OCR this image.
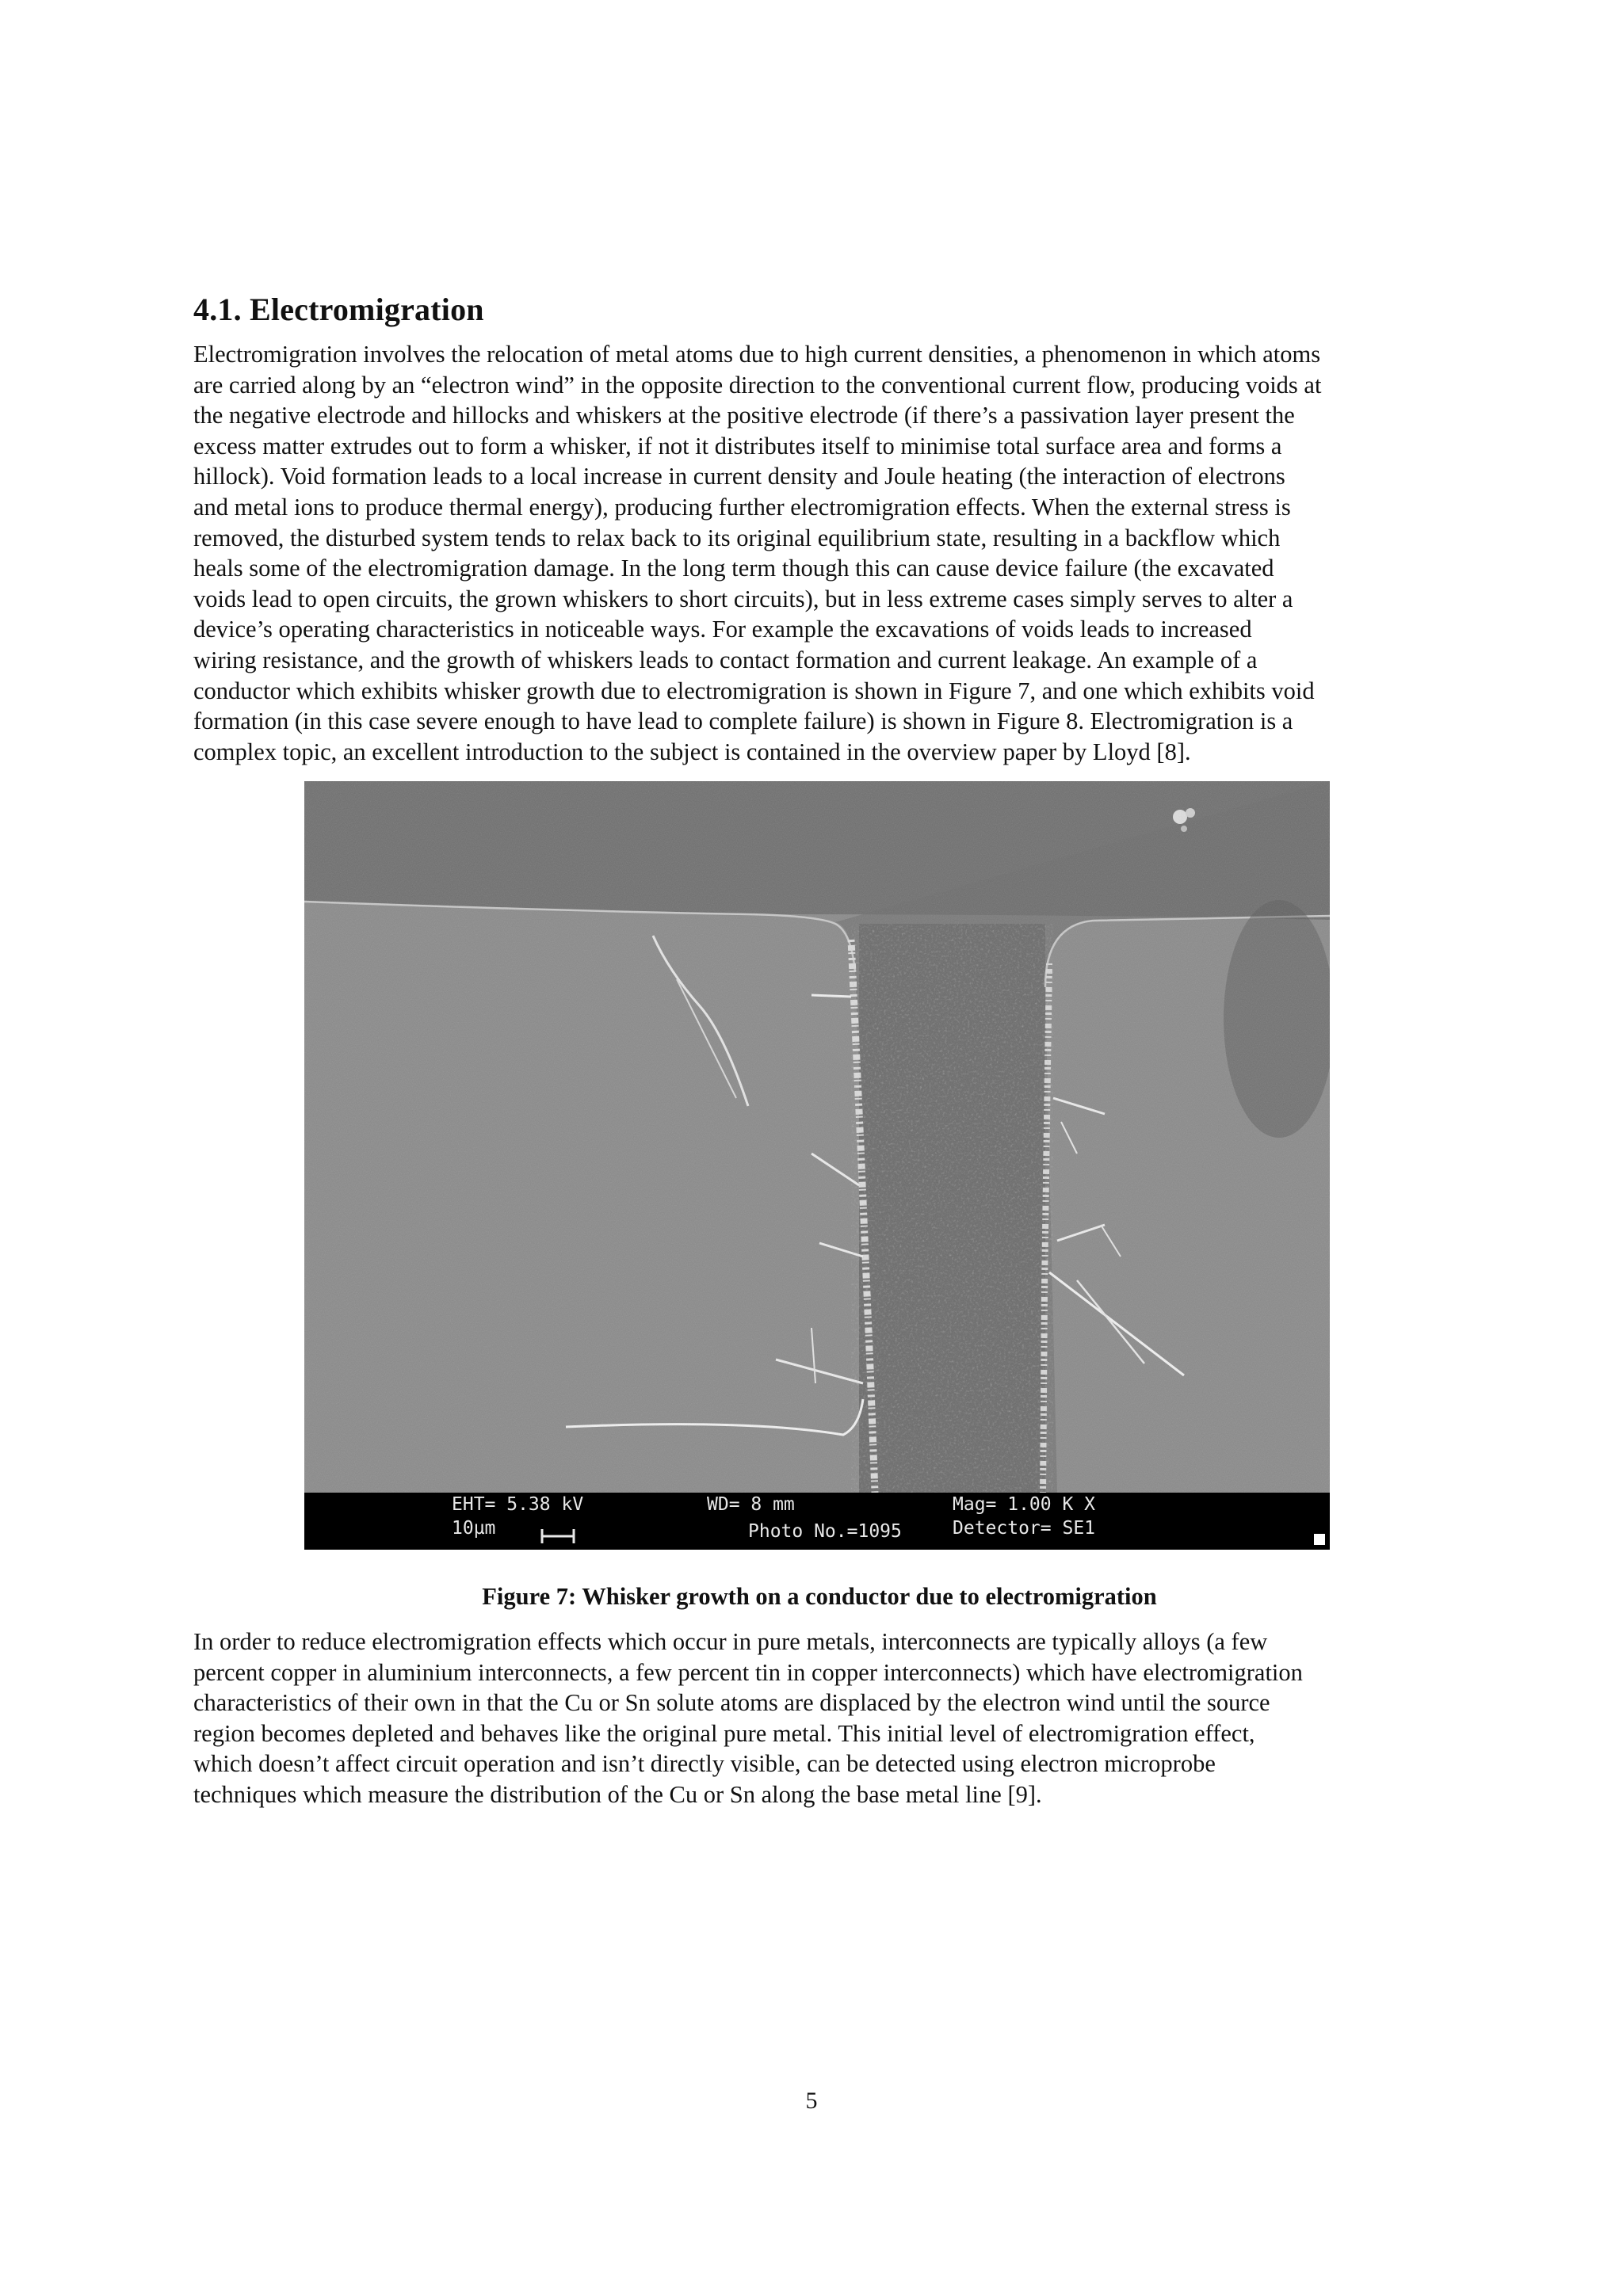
4.1. Electromigration

Electromigration involves the relocation of metal atoms due to high current densities, a phenomenon in which atoms
are carried along by an “electron wind” in the opposite direction to the conventional current flow, producing voids at
the negative electrode and hillocks and whiskers at the positive electrode (if there’s a passivation layer present the
excess matter extrudes out to form a whisker, if not it distributes itself to minimise total surface area and forms a
hillock). Void formation leads to a local increase in current density and Joule heating (the interaction of electrons
and metal ions to produce thermal energy), producing further electromigration effects. When the external stress is
removed, the disturbed system tends to relax back to its original equilibrium state, resulting in a backflow which
heals some of the electromigration damage. In the long term though this can cause device failure (the excavated
voids lead to open circuits, the grown whiskers to short circuits), but in less extreme cases simply serves to alter a
device’s operating characteristics in noticeable ways. For example the excavations of voids leads to increased
wiring resistance, and the growth of whiskers leads to contact formation and current leakage. An example of a
conductor which exhibits whisker growth due to electromigration is shown in Figure 7, and one which exhibits void
formation (in this case severe enough to have lead to complete failure) is shown in Figure 8. Electromigration is a
complex topic, an excellent introduction to the subject is contained in the overview paper by Lloyd [8].

EHT= 5.38 kV
10µm
WD= 8 mm
Photo No.=1095
Mag= 1.00 K X
Detector= SE1

Figure 7: Whisker growth on a conductor due to electromigration

In order to reduce electromigration effects which occur in pure metals, interconnects are typically alloys (a few
percent copper in aluminium interconnects, a few percent tin in copper interconnects) which have electromigration
characteristics of their own in that the Cu or Sn solute atoms are displaced by the electron wind until the source
region becomes depleted and behaves like the original pure metal. This initial level of electromigration effect,
which doesn’t affect circuit operation and isn’t directly visible, can be detected using electron microprobe
techniques which measure the distribution of the Cu or Sn along the base metal line [9].

5
